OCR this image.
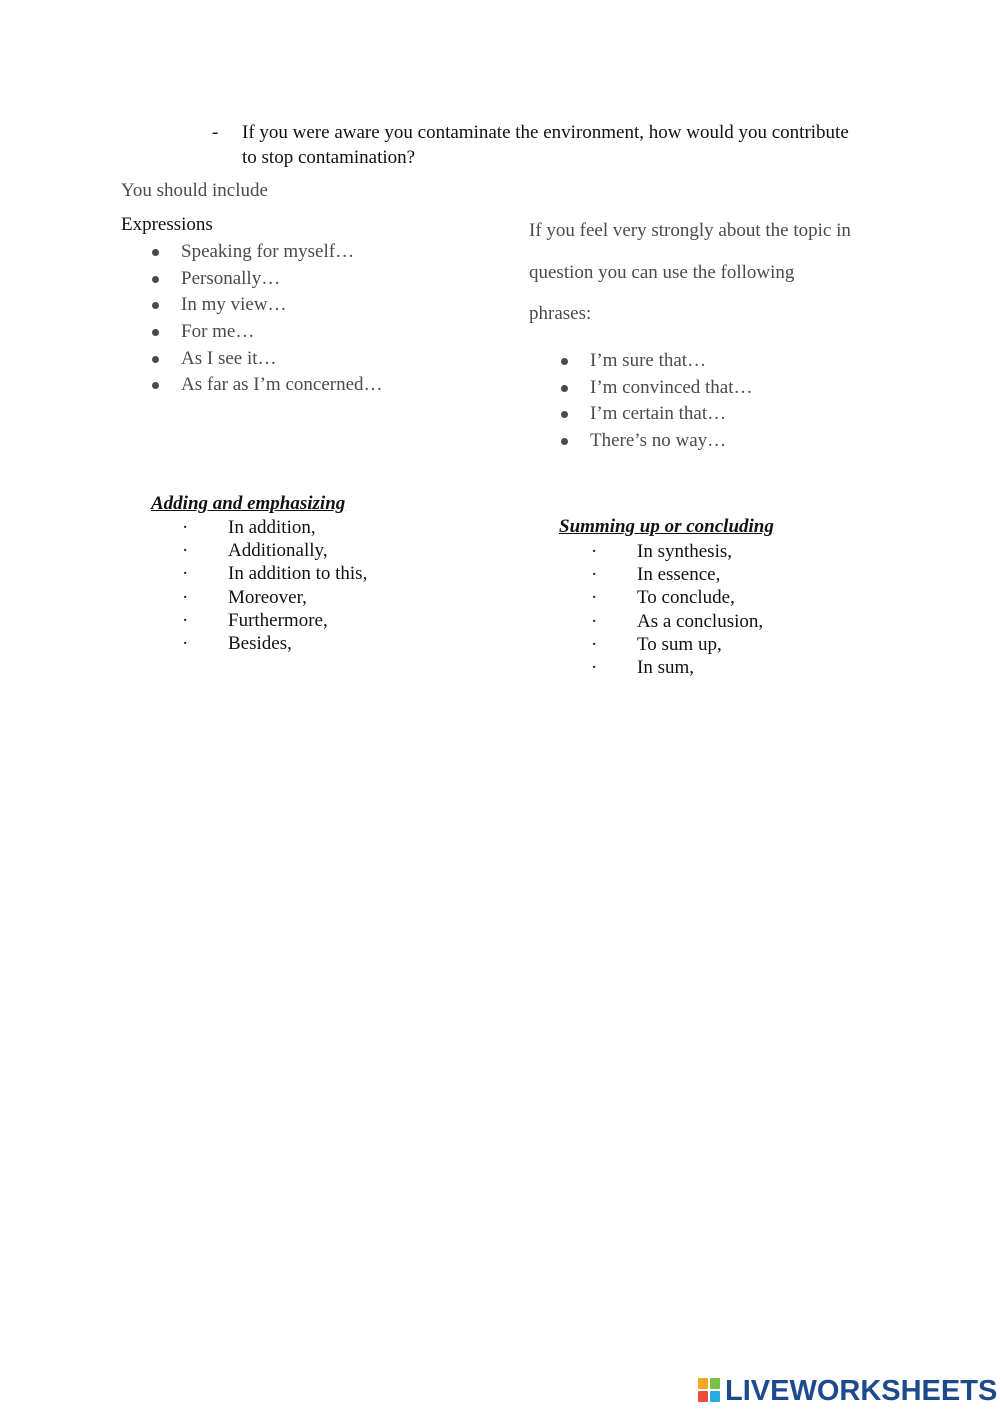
- If you were aware you contaminate the environment, how would you contribute
to stop contamination?
You should include
Expressions
Speaking for myself…
Personally…
In my view…
For me…
As I see it…
As far as I’m concerned…
If you feel very strongly about the topic in
question you can use the following
phrases:
I’m sure that…
I’m convinced that…
I’m certain that…
There’s no way…
Adding and emphasizing
· In addition,
· Additionally,
· In addition to this,
· Moreover,
· Furthermore,
· Besides,
Summing up or concluding
· In synthesis,
· In essence,
· To conclude,
· As a conclusion,
· To sum up,
· In sum,
LIVEWORKSHEETS
